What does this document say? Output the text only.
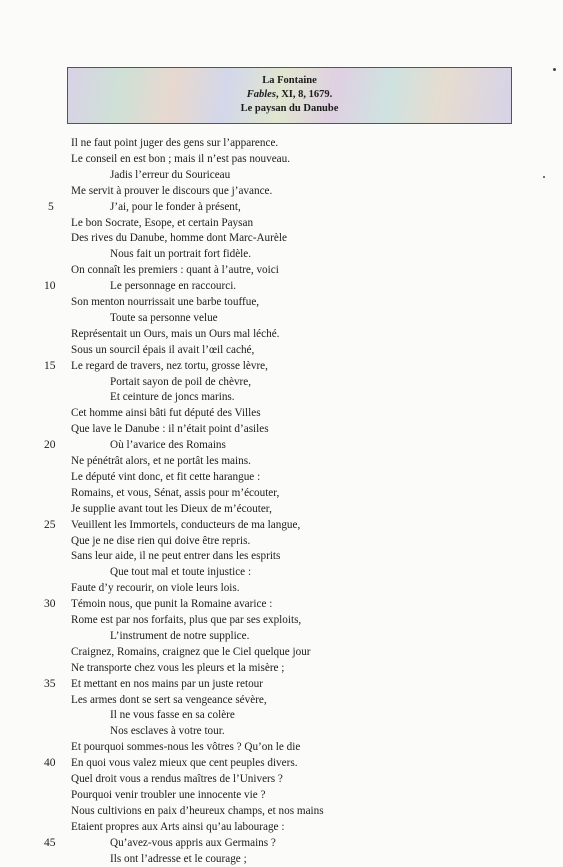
La Fontaine
Fables, XI, 8, 1679.
Le paysan du Danube
Il ne faut point juger des gens sur l’apparence.
Le conseil en est bon ; mais il n’est pas nouveau.
Jadis l’erreur du Souriceau
Me servit à prouver le discours que j’avance.
J’ai, pour le fonder à présent,
Le bon Socrate, Esope, et certain Paysan
Des rives du Danube, homme dont Marc-Aurèle
Nous fait un portrait fort fidèle.
On connaît les premiers : quant à l’autre, voici
Le personnage en raccourci.
Son menton nourrissait une barbe touffue,
Toute sa personne velue
Représentait un Ours, mais un Ours mal léché.
Sous un sourcil épais il avait l’œil caché,
Le regard de travers, nez tortu, grosse lèvre,
Portait sayon de poil de chèvre,
Et ceinture de joncs marins.
Cet homme ainsi bâti fut député des Villes
Que lave le Danube : il n’était point d’asiles
Où l’avarice des Romains
Ne pénétrât alors, et ne portât les mains.
Le député vint donc, et fit cette harangue :
Romains, et vous, Sénat, assis pour m’écouter,
Je supplie avant tout les Dieux de m’écouter,
Veuillent les Immortels, conducteurs de ma langue,
Que je ne dise rien qui doive être repris.
Sans leur aide, il ne peut entrer dans les esprits
Que tout mal et toute injustice :
Faute d’y recourir, on viole leurs lois.
Témoin nous, que punit la Romaine avarice :
Rome est par nos forfaits, plus que par ses exploits,
L’instrument de notre supplice.
Craignez, Romains, craignez que le Ciel quelque jour
Ne transporte chez vous les pleurs et la misère ;
Et mettant en nos mains par un juste retour
Les armes dont se sert sa vengeance sévère,
Il ne vous fasse en sa colère
Nos esclaves à votre tour.
Et pourquoi sommes-nous les vôtres ? Qu’on le die
En quoi vous valez mieux que cent peuples divers.
Quel droit vous a rendus maîtres de l’Univers ?
Pourquoi venir troubler une innocente vie ?
Nous cultivions en paix d’heureux champs, et nos mains
Etaient propres aux Arts ainsi qu’au labourage :
Qu’avez-vous appris aux Germains ?
Ils ont l’adresse et le courage ;
5
10
15
20
25
30
35
40
45
